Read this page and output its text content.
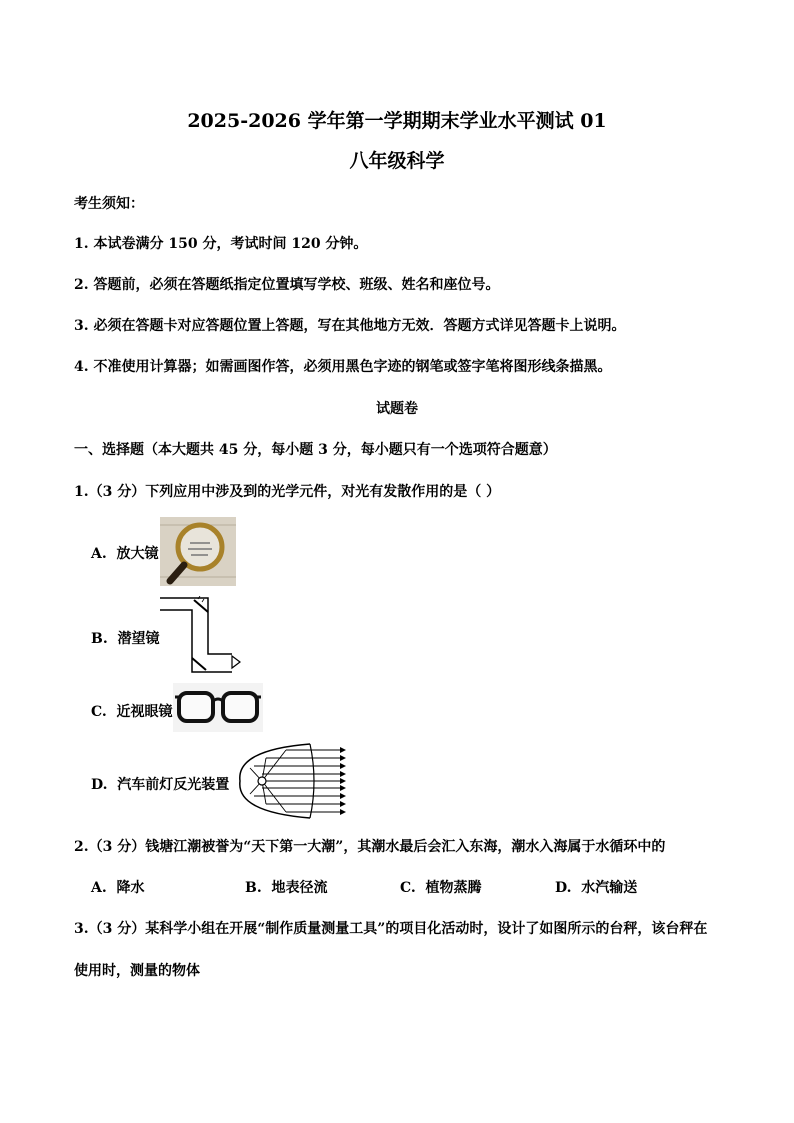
2025-2026 学年第一学期期末学业水平测试 01
八年级科学
考生须知：
1. 本试卷满分 150 分，考试时间 120 分钟。
2. 答题前，必须在答题纸指定位置填写学校、班级、姓名和座位号。
3. 必须在答题卡对应答题位置上答题，写在其他地方无效．答题方式详见答题卡上说明。
4. 不准使用计算器；如需画图作答，必须用黑色字迹的钢笔或签字笔将图形线条描黑。
试题卷
一、选择题（本大题共 45 分，每小题 3 分，每小题只有一个选项符合题意）
1.（3 分）下列应用中涉及到的光学元件，对光有发散作用的是（ ）
A. 放大镜
B. 潜望镜
C. 近视眼镜
D. 汽车前灯反光装置
2.（3 分）钱塘江潮被誉为“天下第一大潮”，其潮水最后会汇入东海，潮水入海属于水循环中的
A. 降水	B. 地表径流	C. 植物蒸腾	D. 水汽输送
3.（3 分）某科学小组在开展“制作质量测量工具”的项目化活动时，设计了如图所示的台秤，该台秤在
使用时，测量的物体
